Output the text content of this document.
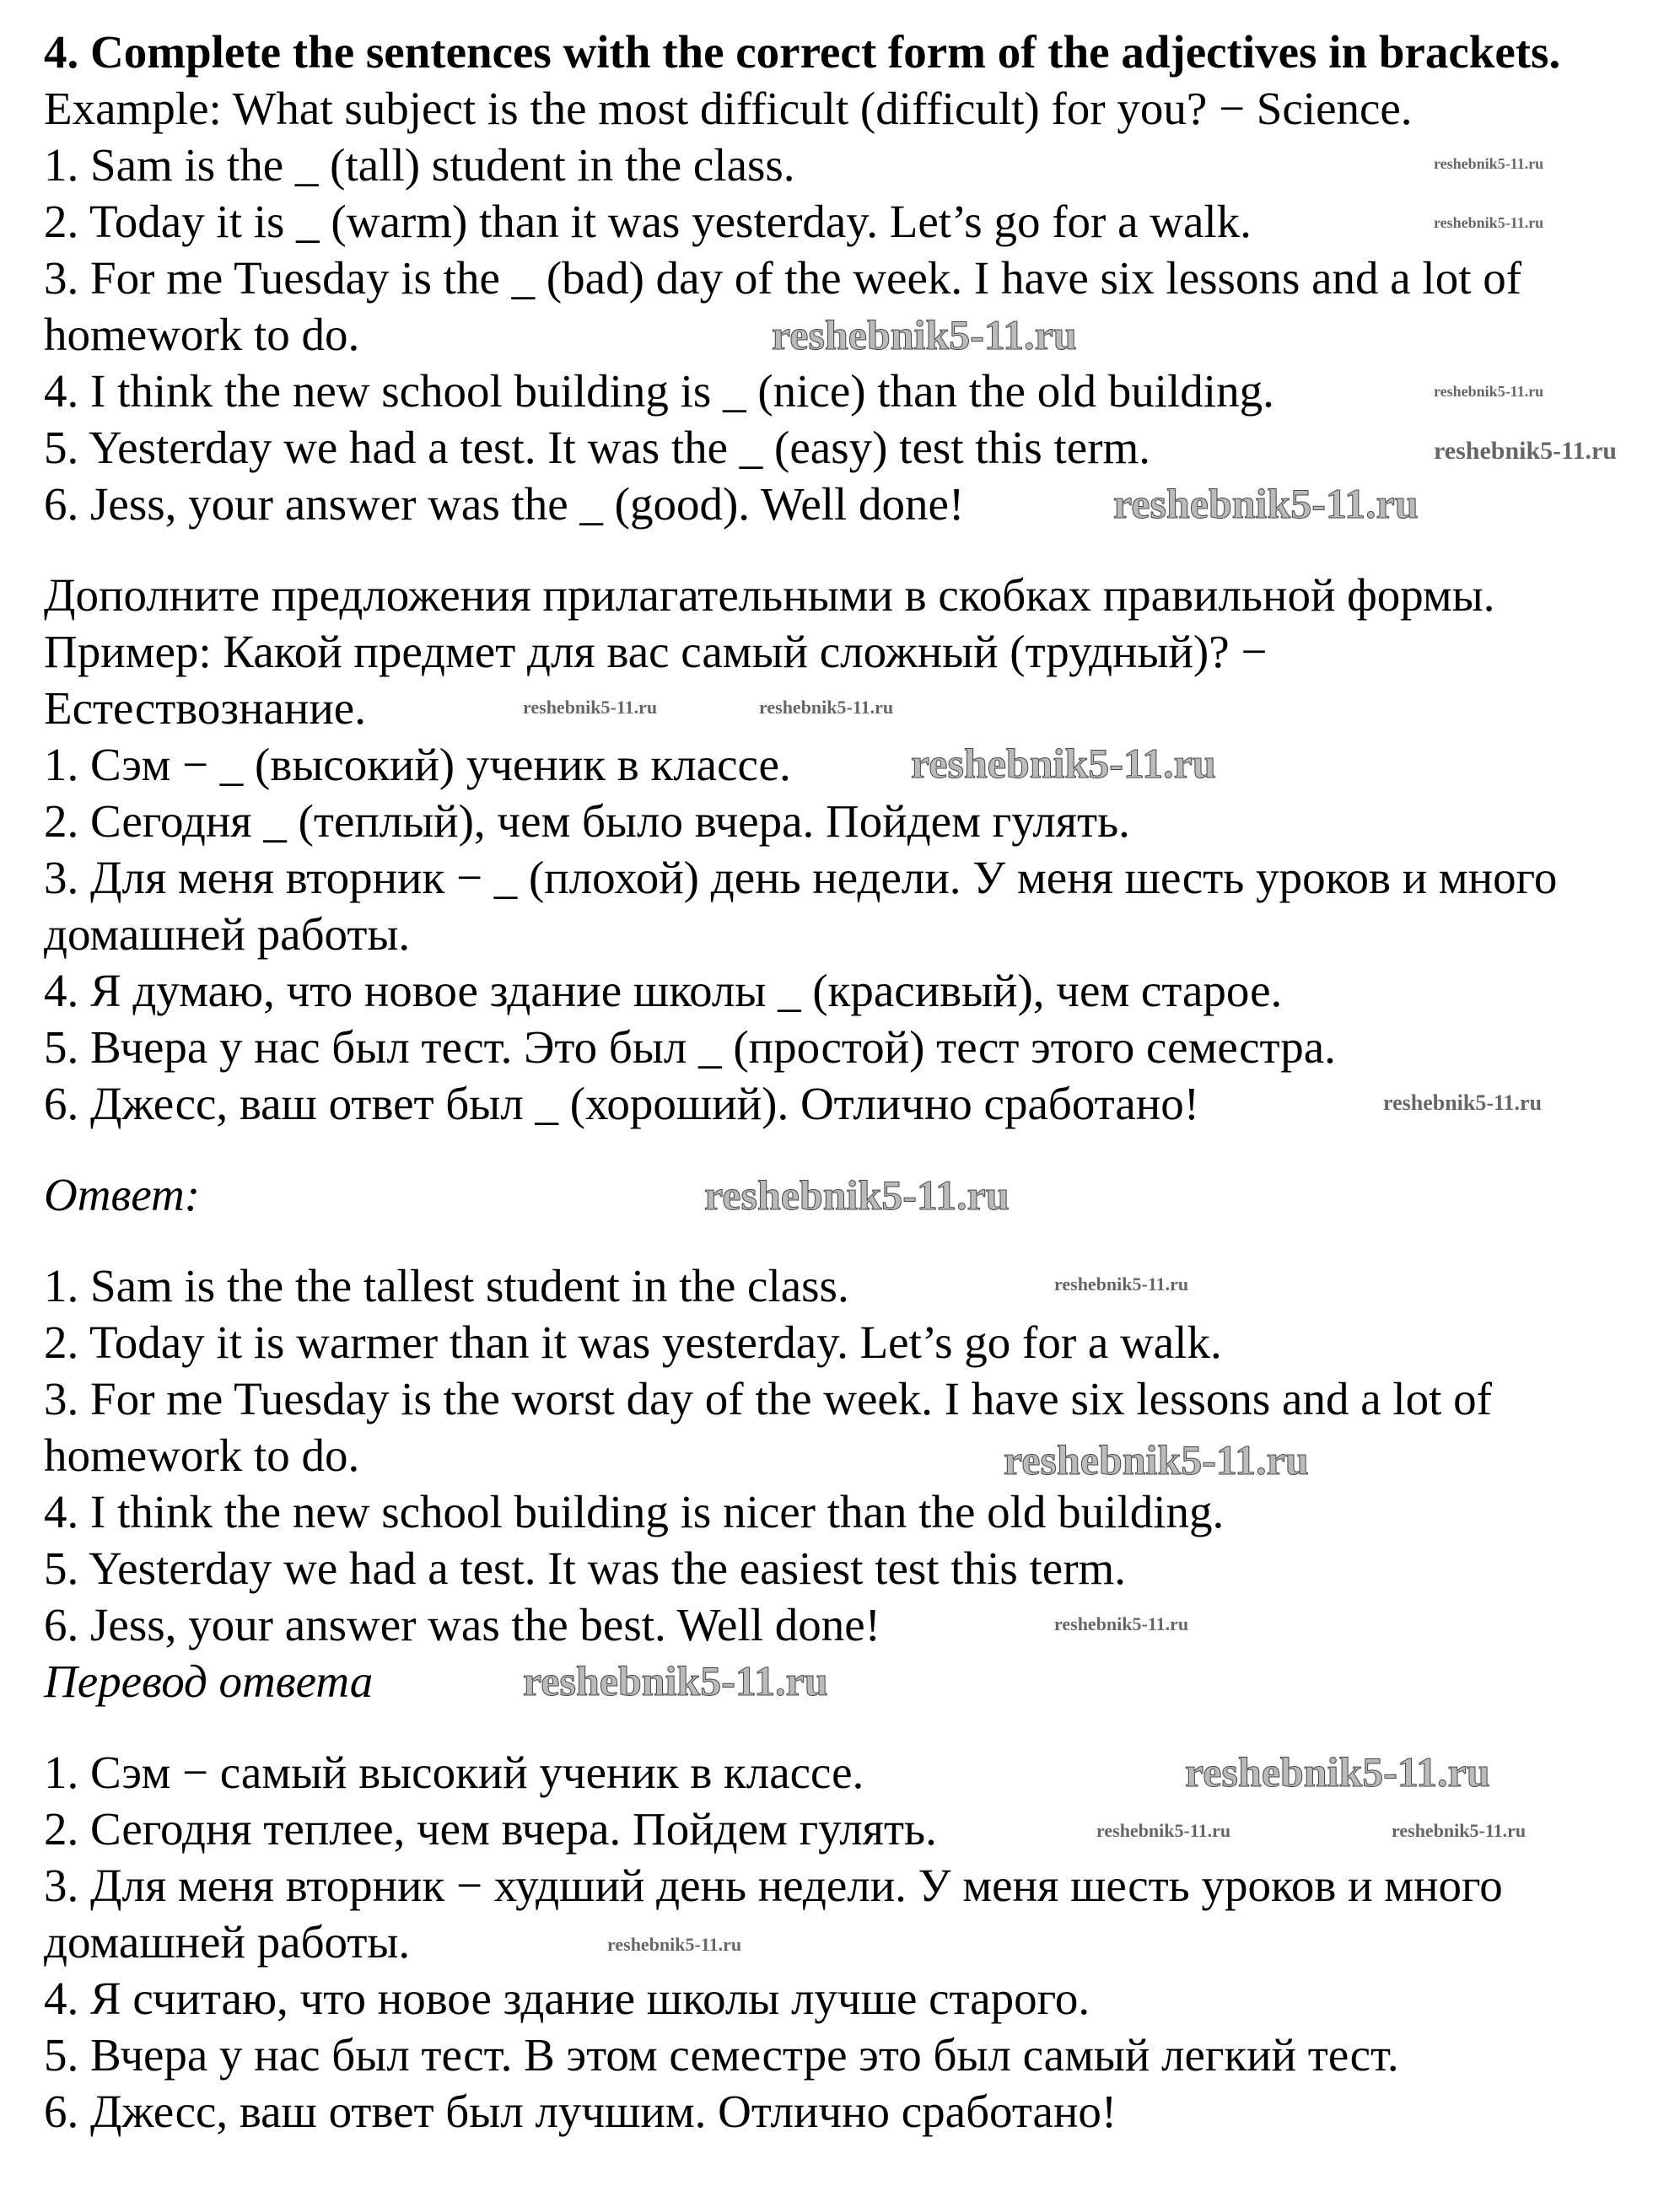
4. Complete the sentences with the correct form of the adjectives in brackets.
Example: What subject is the most difficult (difficult) for you? − Science.
1. Sam is the _ (tall) student in the class.
2. Today it is _ (warm) than it was yesterday. Let’s go for a walk.
3. For me Tuesday is the _ (bad) day of the week. I have six lessons and a lot of
homework to do.
4. I think the new school building is _ (nice) than the old building.
5. Yesterday we had a test. It was the _ (easy) test this term.
6. Jess, your answer was the _ (good). Well done!
Дополните предложения прилагательными в скобках правильной формы.
Пример: Какой предмет для вас самый сложный (трудный)? −
Естествознание.
1. Сэм − _ (высокий) ученик в классе.
2. Сегодня _ (теплый), чем было вчера. Пойдем гулять.
3. Для меня вторник − _ (плохой) день недели. У меня шесть уроков и много
домашней работы.
4. Я думаю, что новое здание школы _ (красивый), чем старое.
5. Вчера у нас был тест. Это был _ (простой) тест этого семестра.
6. Джесс, ваш ответ был _ (хороший). Отлично сработано!
Ответ:
1. Sam is the the tallest student in the class.
2. Today it is warmer than it was yesterday. Let’s go for a walk.
3. For me Tuesday is the worst day of the week. I have six lessons and a lot of
homework to do.
4. I think the new school building is nicer than the old building.
5. Yesterday we had a test. It was the easiest test this term.
6. Jess, your answer was the best. Well done!
Перевод ответа
1. Сэм − самый высокий ученик в классе.
2. Сегодня теплее, чем вчера. Пойдем гулять.
3. Для меня вторник − худший день недели. У меня шесть уроков и много
домашней работы.
4. Я считаю, что новое здание школы лучше старого.
5. Вчера у нас был тест. В этом семестре это был самый легкий тест.
6. Джесс, ваш ответ был лучшим. Отлично сработано!
reshebnik5-11.ru
reshebnik5-11.ru
reshebnik5-11.ru
reshebnik5-11.ru
reshebnik5-11.ru
reshebnik5-11.ru
reshebnik5-11.ru
reshebnik5-11.ru
reshebnik5-11.ru
reshebnik5-11.ru
reshebnik5-11.ru
reshebnik5-11.ru
reshebnik5-11.ru	reshebnik5-11.ru
reshebnik5-11.ru
reshebnik5-11.ru
reshebnik5-11.ru	reshebnik5-11.ru
reshebnik5-11.ru
